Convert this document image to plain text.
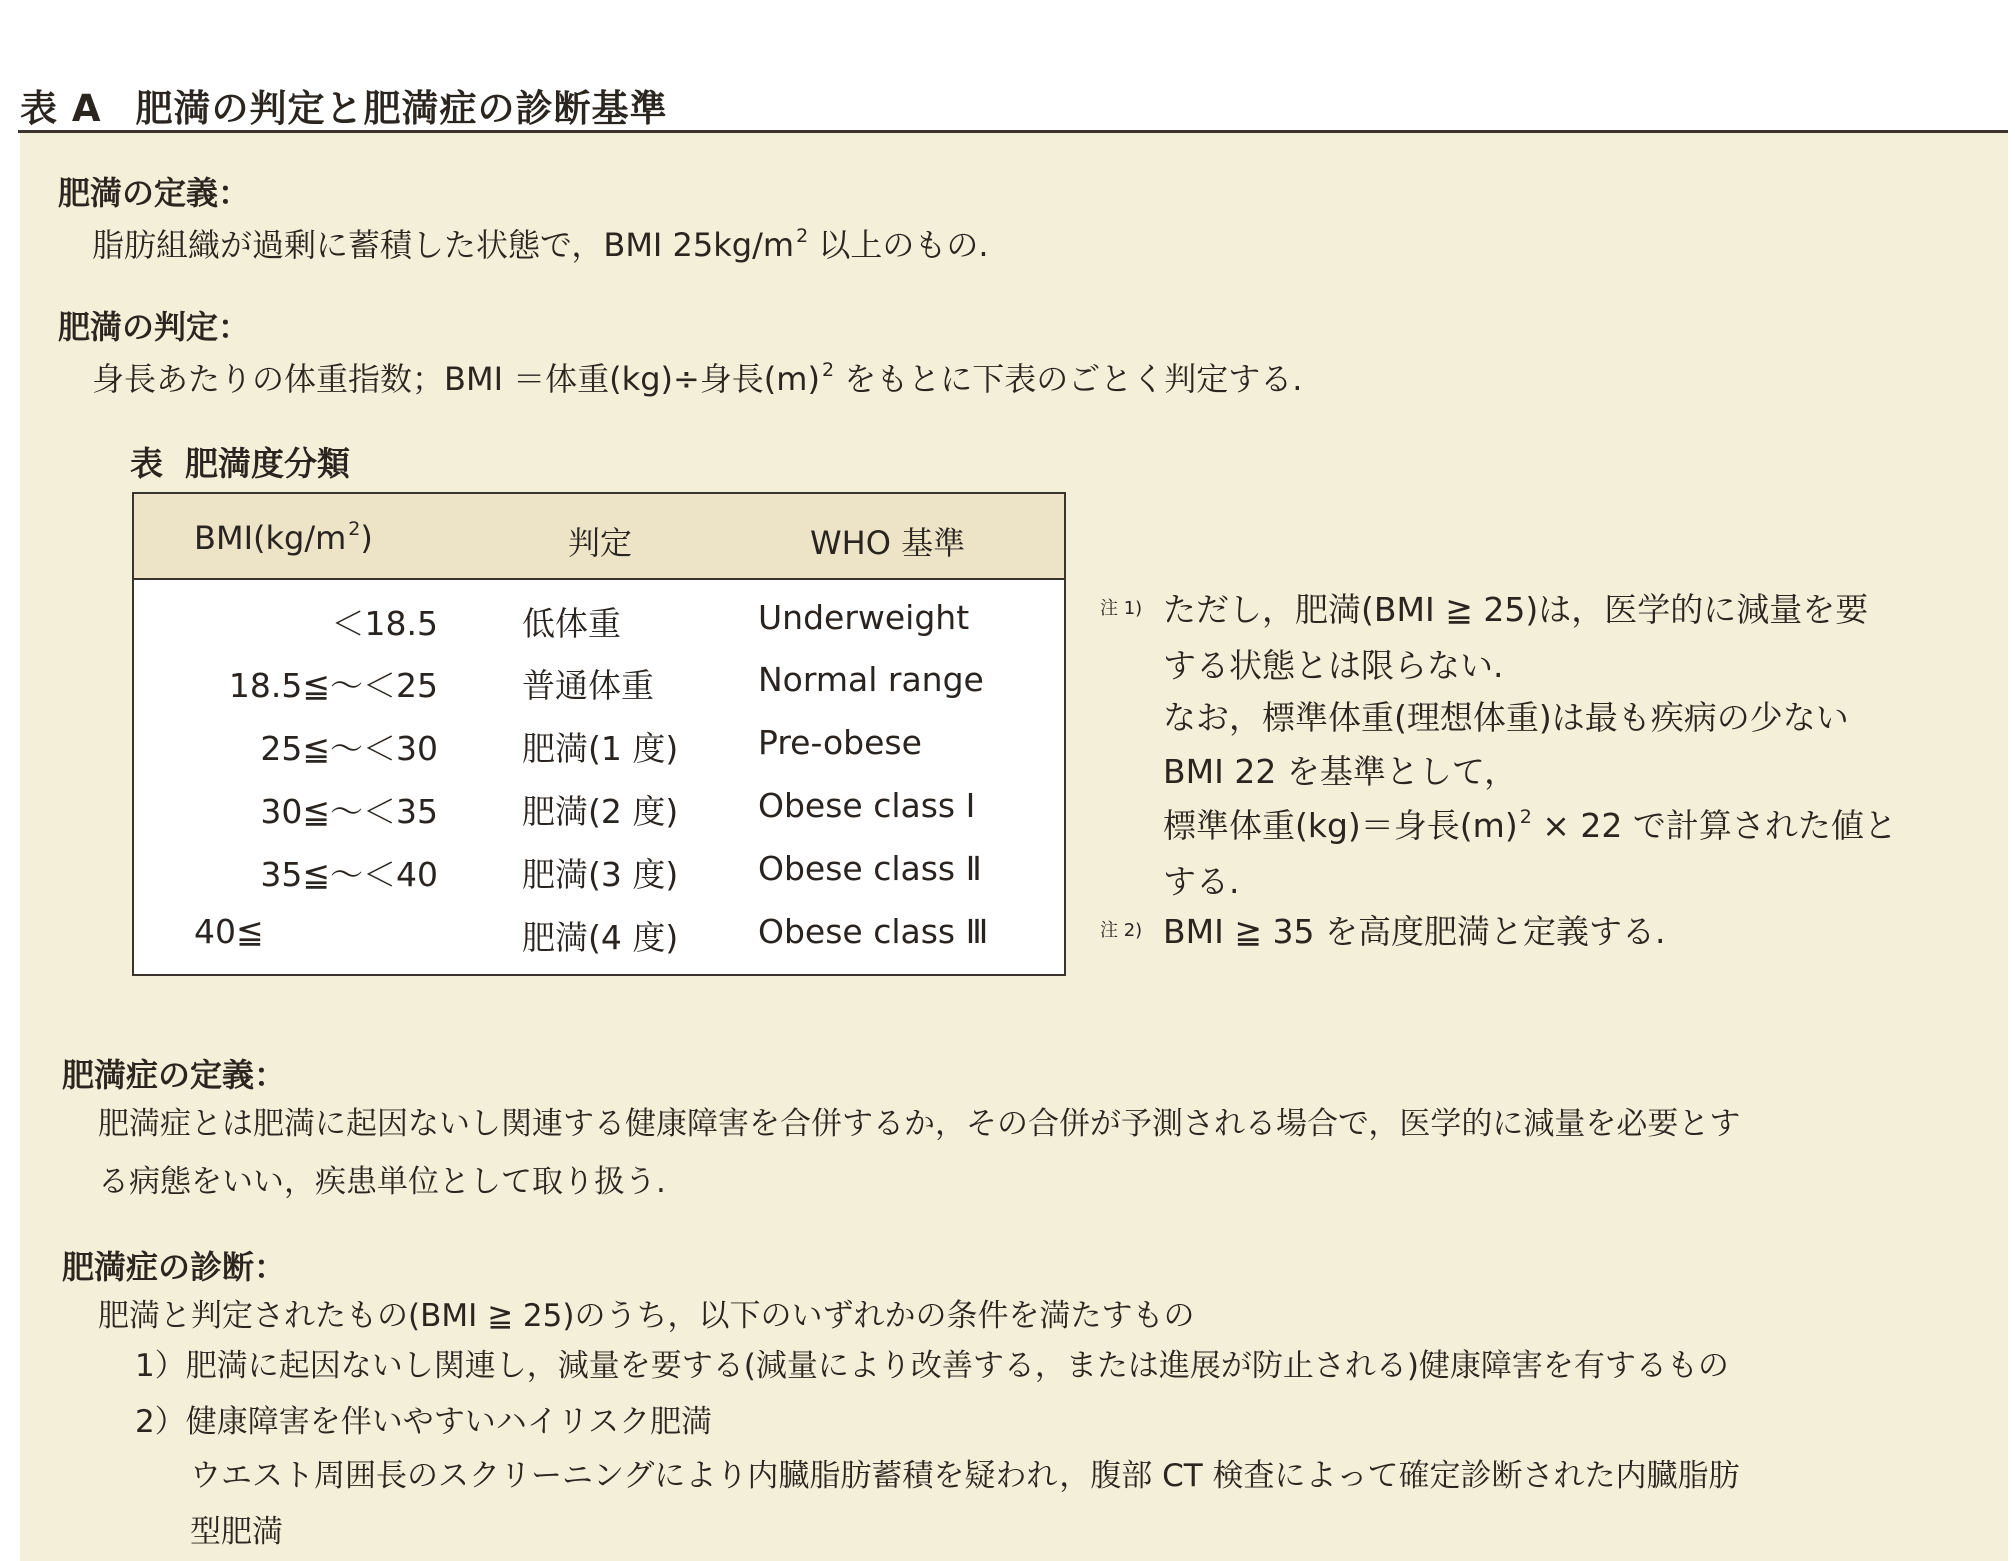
表 A 肥満の判定と肥満症の診断基準
肥満の定義：
脂肪組織が過剰に蓄積した状態で，BMI 25kg/m $^2$ 以上のもの.
肥満の判定：
身長あたりの体重指数；BMI ＝体重(kg)÷身長(m) $^2$ をもとに下表のごとく判定する.
表 肥満度分類
BMI(kg/m $^2$)	判定	WHO 基準
＜18.5	低体重	Underweight
18.5≦～＜25	普通体重	Normal range
25≦～＜30	肥満(1 度) Pre-obese
30≦～＜35	肥満(2 度) Obese class Ⅰ
35≦～＜40	肥満(3 度) Obese class Ⅱ
40≦	肥満(4 度) Obese class Ⅲ
注 1) ただし，肥満(BMI ≧ 25)は，医学的に減量を要
する状態とは限らない.
なお，標準体重(理想体重)は最も疾病の少ない
BMI 22 を基準として，
標準体重(kg)＝身長(m) $^2$ × 22 で計算された値と
する.
注 2) BMI ≧ 35 を高度肥満と定義する.
肥満症の定義：
肥満症とは肥満に起因ないし関連する健康障害を合併するか，その合併が予測される場合で，医学的に減量を必要とす
る病態をいい，疾患単位として取り扱う.
肥満症の診断：
肥満と判定されたもの(BMI ≧ 25)のうち，以下のいずれかの条件を満たすもの
1）肥満に起因ないし関連し，減量を要する(減量により改善する，または進展が防止される)健康障害を有するもの
2）健康障害を伴いやすいハイリスク肥満
ウエスト周囲長のスクリーニングにより内臓脂肪蓄積を疑われ，腹部 CT 検査によって確定診断された内臓脂肪
型肥満
